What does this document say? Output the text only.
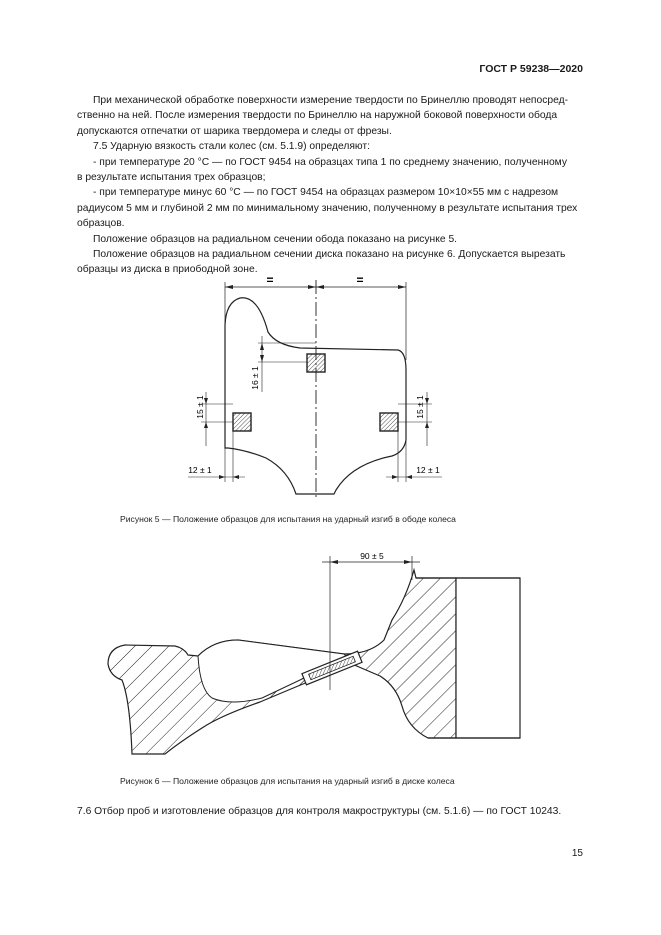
ГОСТ Р 59238—2020

При механической обработке поверхности измерение твердости по Бринеллю проводят непосред-

ственно на ней. После измерения твердости по Бринеллю на наружной боковой поверхности обода

допускаются отпечатки от шарика твердомера и следы от фрезы.

7.5 Ударную вязкость стали колес (см. 5.1.9) определяют:

- при температуре 20 °С — по ГОСТ 9454 на образцах типа 1 по среднему значению, полученному

в результате испытания трех образцов;

- при температуре минус 60 °С — по ГОСТ 9454 на образцах размером 10×10×55 мм с надрезом

радиусом 5 мм и глубиной 2 мм по минимальному значению, полученному в результате испытания трех

образцов.

Положение образцов на радиальном сечении обода показано на рисунке 5.

Положение образцов на радиальном сечении диска показано на рисунке 6. Допускается вырезать

образцы из диска в приободной зоне.

=	=
16 ± 1
15 ± 1	15 ± 1
12 ± 1	12 ± 1
Рисунок 5 — Положение образцов для испытания на ударный изгиб в ободе колеса
90 ± 5
Рисунок 6 — Положение образцов для испытания на ударный изгиб в диске колеса
7.6 Отбор проб и изготовление образцов для контроля макроструктуры (см. 5.1.6) — по ГОСТ 10243.
15
